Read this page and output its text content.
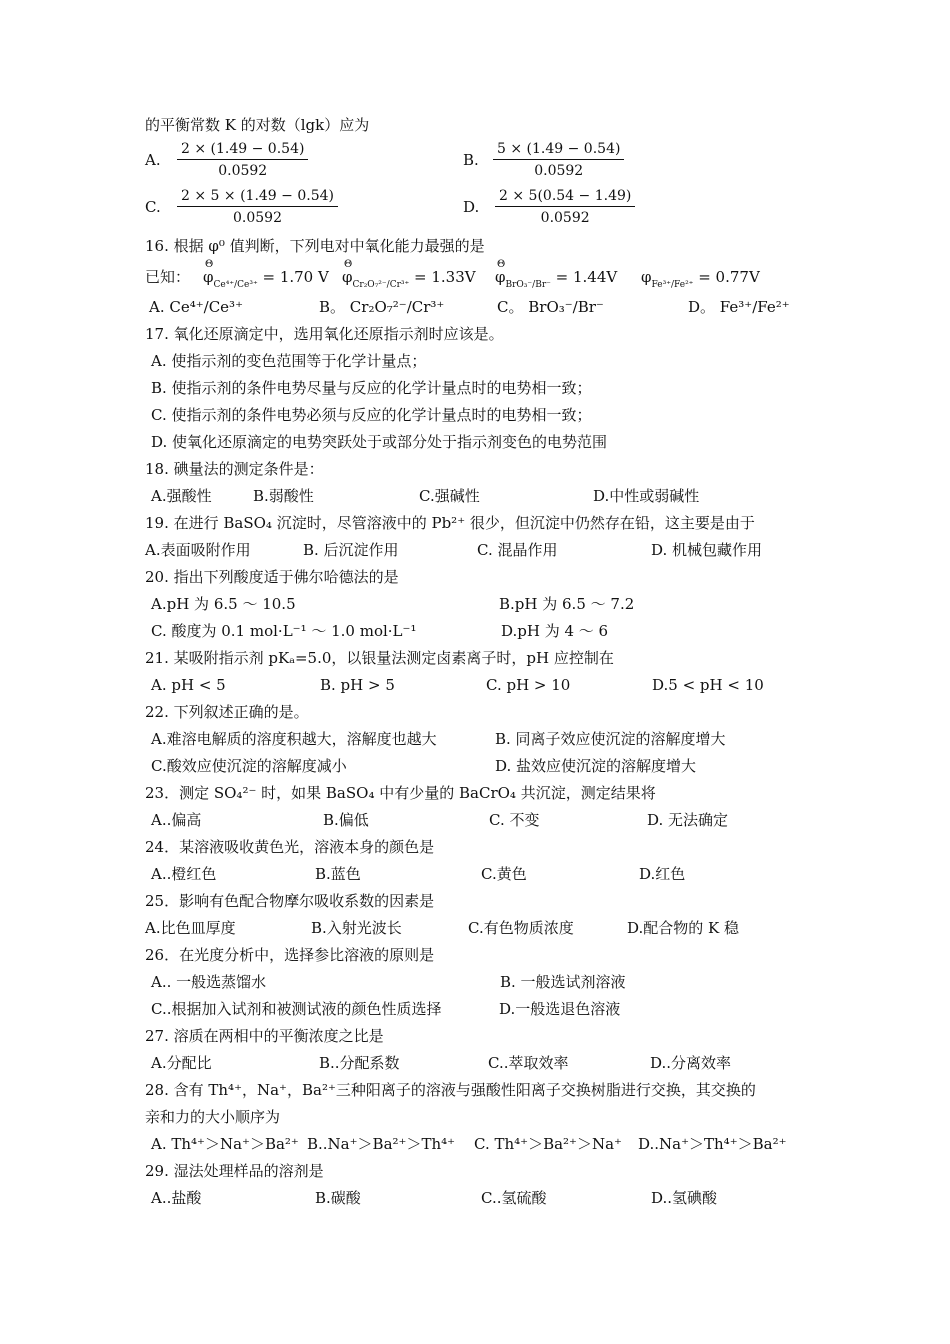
的平衡常数 K 的对数（lgk）应为
A. $\frac{2 \times (1.49 - 0.54)}{0.0592}$	B. $\frac{5 \times (1.49 - 0.54)}{0.0592}$
C. $\frac{2 \times 5 \times (1.49 - 0.54)}{0.0592}$	D. $\frac{2 \times 5(0.54 - 1.49)}{0.0592}$
16. 根据 φ⁰ 值判断，下列电对中氧化能力最强的是
已知： φ
Θ
$_{Ce^{4+}/Ce^{3+}}$ = 1.70 V φ
Θ
$_{Cr_2O_7^{2-}/Cr^{3+}}$ = 1.33V φ
Θ
$_{BrO_3^-/Br^-}$ = 1.44V $\varphi_{Fe^{3+}/Fe^{2+}} = 0.77V$
A. Ce⁴⁺/Ce³⁺	B。 Cr₂O₇²⁻/Cr³⁺	C。 BrO₃⁻/Br⁻	D。 Fe³⁺/Fe²⁺
17. 氧化还原滴定中，选用氧化还原指示剂时应该是。
A. 使指示剂的变色范围等于化学计量点；
B. 使指示剂的条件电势尽量与反应的化学计量点时的电势相一致；
C. 使指示剂的条件电势必须与反应的化学计量点时的电势相一致；
D. 使氧化还原滴定的电势突跃处于或部分处于指示剂变色的电势范围
18. 碘量法的测定条件是：
A.强酸性	B.弱酸性	C.强碱性	D.中性或弱碱性
19. 在进行 BaSO₄ 沉淀时，尽管溶液中的 Pb²⁺ 很少，但沉淀中仍然存在铅，这主要是由于
A.表面吸附作用	B. 后沉淀作用	C. 混晶作用	D. 机械包藏作用
20. 指出下列酸度适于佛尔哈德法的是
A.pH 为 6.5 ～ 10.5	B.pH 为 6.5 ～ 7.2
C. 酸度为 0.1 mol·L⁻¹ ～ 1.0 mol·L⁻¹	D.pH 为 4 ～ 6
21. 某吸附指示剂 pKₐ=5.0，以银量法测定卤素离子时，pH 应控制在
A. pH < 5	B. pH > 5	C. pH > 10	D.5 < pH < 10
22. 下列叙述正确的是。
A.难溶电解质的溶度积越大，溶解度也越大	B. 同离子效应使沉淀的溶解度增大
C.酸效应使沉淀的溶解度减小	D. 盐效应使沉淀的溶解度增大
23．测定 SO₄²⁻ 时，如果 BaSO₄ 中有少量的 BaCrO₄ 共沉淀，测定结果将
A..偏高	B.偏低	C. 不变	D. 无法确定
24．某溶液吸收黄色光，溶液本身的颜色是
A..橙红色	B.蓝色	C.黄色	D.红色
25．影响有色配合物摩尔吸收系数的因素是
A.比色皿厚度	B.入射光波长	C.有色物质浓度	D.配合物的 K 稳
26．在光度分析中，选择参比溶液的原则是
A.. 一般选蒸馏水	B. 一般选试剂溶液
C..根据加入试剂和被测试液的颜色性质选择	D.一般选退色溶液
27. 溶质在两相中的平衡浓度之比是
A.分配比	B..分配系数	C..萃取效率	D..分离效率
28. 含有 Th⁴⁺，Na⁺，Ba²⁺三种阳离子的溶液与强酸性阳离子交换树脂进行交换，其交换的
亲和力的大小顺序为
A. Th⁴⁺＞Na⁺＞Ba²⁺ B..Na⁺＞Ba²⁺＞Th⁴⁺ C. Th⁴⁺＞Ba²⁺＞Na⁺ D..Na⁺＞Th⁴⁺＞Ba²⁺
29. 湿法处理样品的溶剂是
A..盐酸	B.碳酸	C..氢硫酸	D..氢碘酸
